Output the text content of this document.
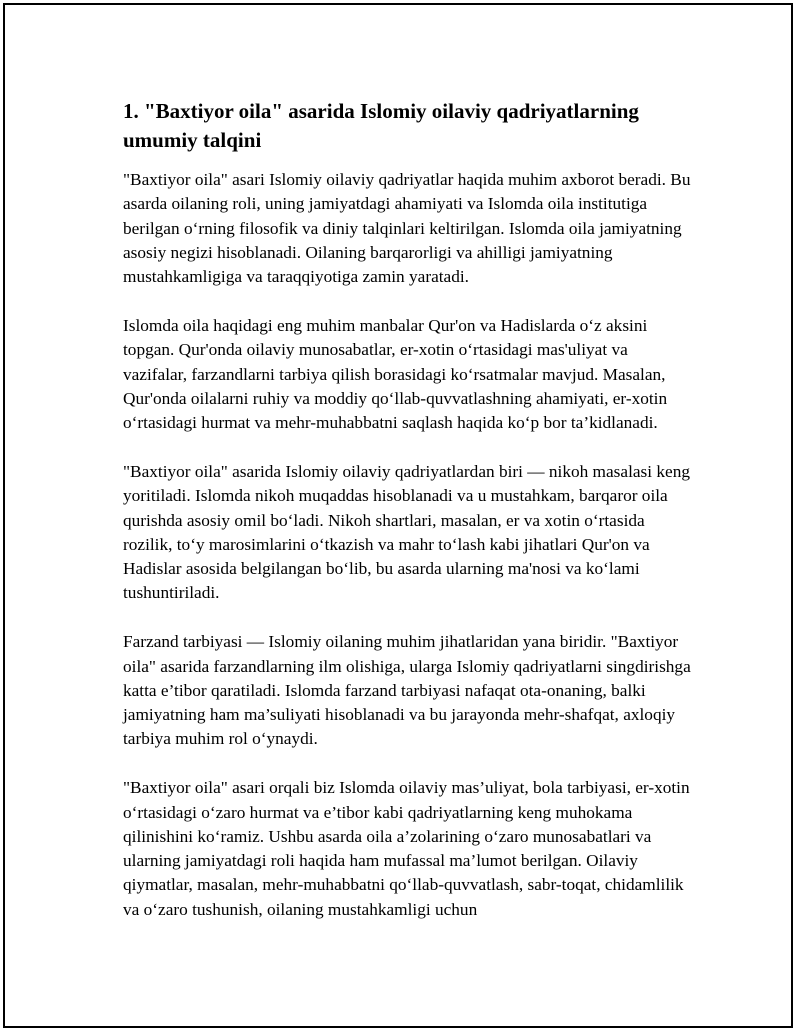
1. "Baxtiyor oila" asarida Islomiy oilaviy qadriyatlarning umumiy talqini

"Baxtiyor oila" asari Islomiy oilaviy qadriyatlar haqida muhim axborot beradi. Bu asarda oilaning roli, uning jamiyatdagi ahamiyati va Islomda oila institutiga berilgan o‘rning filosofik va diniy talqinlari keltirilgan. Islomda oila jamiyatning asosiy negizi hisoblanadi. Oilaning barqarorligi va ahilligi jamiyatning mustahkamligiga va taraqqiyotiga zamin yaratadi.

Islomda oila haqidagi eng muhim manbalar Qur'on va Hadislarda o‘z aksini topgan. Qur'onda oilaviy munosabatlar, er-xotin o‘rtasidagi mas'uliyat va vazifalar, farzandlarni tarbiya qilish borasidagi ko‘rsatmalar mavjud. Masalan, Qur'onda oilalarni ruhiy va moddiy qo‘llab-quvvatlashning ahamiyati, er-xotin o‘rtasidagi hurmat va mehr-muhabbatni saqlash haqida ko‘p bor ta’kidlanadi.

"Baxtiyor oila" asarida Islomiy oilaviy qadriyatlardan biri — nikoh masalasi keng yoritiladi. Islomda nikoh muqaddas hisoblanadi va u mustahkam, barqaror oila qurishda asosiy omil bo‘ladi. Nikoh shartlari, masalan, er va xotin o‘rtasida rozilik, to‘y marosimlarini o‘tkazish va mahr to‘lash kabi jihatlari Qur'on va Hadislar asosida belgilangan bo‘lib, bu asarda ularning ma'nosi va ko‘lami tushuntiriladi.

Farzand tarbiyasi — Islomiy oilaning muhim jihatlaridan yana biridir. "Baxtiyor oila" asarida farzandlarning ilm olishiga, ularga Islomiy qadriyatlarni singdirishga katta e’tibor qaratiladi. Islomda farzand tarbiyasi nafaqat ota-onaning, balki jamiyatning ham ma’suliyati hisoblanadi va bu jarayonda mehr-shafqat, axloqiy tarbiya muhim rol o‘ynaydi.

"Baxtiyor oila" asari orqali biz Islomda oilaviy mas’uliyat, bola tarbiyasi, er-xotin o‘rtasidagi o‘zaro hurmat va e’tibor kabi qadriyatlarning keng muhokama qilinishini ko‘ramiz. Ushbu asarda oila a’zolarining o‘zaro munosabatlari va ularning jamiyatdagi roli haqida ham mufassal ma’lumot berilgan. Oilaviy qiymatlar, masalan, mehr-muhabbatni qo‘llab-quvvatlash, sabr-toqat, chidamlilik va o‘zaro tushunish, oilaning mustahkamligi uchun
